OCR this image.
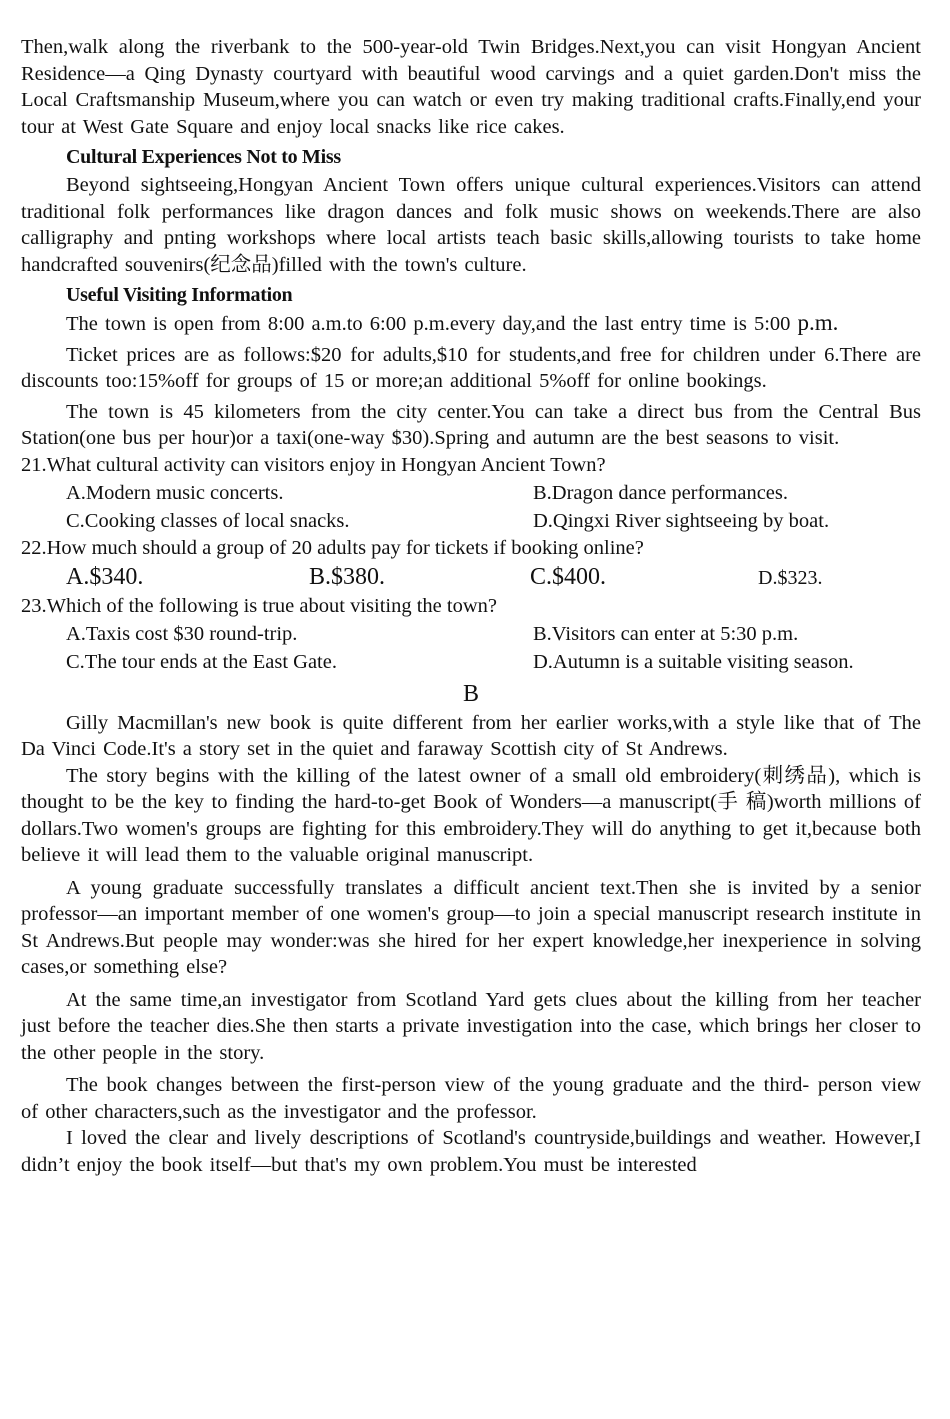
Then,walk along the riverbank to the 500-year-old Twin Bridges.Next,you can visit Hongyan Ancient Residence—a Qing Dynasty courtyard with beautiful wood carvings and a quiet garden.Don't miss the Local Craftsmanship Museum,where you can watch or even try making traditional crafts.Finally,end your tour at West Gate Square and enjoy local snacks like rice cakes.

Cultural Experiences Not to Miss

Beyond sightseeing,Hongyan Ancient Town offers unique cultural experiences.Visitors can attend traditional folk performances like dragon dances and folk music shows on weekends.There are also calligraphy and pnting workshops where local artists teach basic skills,allowing tourists to take home handcrafted souvenirs(纪念品)filled with the town's culture.

Useful Visiting Information

The town is open from 8:00 a.m.to 6:00 p.m.every day,and the last entry time is 5:00 p.m.

Ticket prices are as follows:$20 for adults,$10 for students,and free for children under 6.There are discounts too:15%off for groups of 15 or more;an additional 5%off for online bookings.

The town is 45 kilometers from the city center.You can take a direct bus from the Central Bus Station(one bus per hour)or a taxi(one-way $30).Spring and autumn are the best seasons to visit.

21.What cultural activity can visitors enjoy in Hongyan Ancient Town?

A.Modern music concerts.	B.Dragon dance performances.
C.Cooking classes of local snacks.	D.Qingxi River sightseeing by boat.

22.How much should a group of 20 adults pay for tickets if booking online?

A.$340.	B.$380.	C.$400.	D.$323.

23.Which of the following is true about visiting the town?

A.Taxis cost $30 round-trip.	B.Visitors can enter at 5:30 p.m.
C.The tour ends at the East Gate.	D.Autumn is a suitable visiting season.
B

Gilly Macmillan's new book is quite different from her earlier works,with a style like that of The Da Vinci Code.It's a story set in the quiet and faraway Scottish city of St Andrews.

The story begins with the killing of the latest owner of a small old embroidery(刺绣品), which is thought to be the key to finding the hard-to-get Book of Wonders—a manuscript(手 稿)worth millions of dollars.Two women's groups are fighting for this embroidery.They will do anything to get it,because both believe it will lead them to the valuable original manuscript.

A young graduate successfully translates a difficult ancient text.Then she is invited by a senior professor—an important member of one women's group—to join a special manuscript research institute in St Andrews.But people may wonder:was she hired for her expert knowledge,her inexperience in solving cases,or something else?

At the same time,an investigator from Scotland Yard gets clues about the killing from her teacher just before the teacher dies.She then starts a private investigation into the case, which brings her closer to the other people in the story.

The book changes between the first-person view of the young graduate and the third- person view of other characters,such as the investigator and the professor.

I loved the clear and lively descriptions of Scotland's countryside,buildings and weather. However,I didn’t enjoy the book itself—but that's my own problem.You must be interested
